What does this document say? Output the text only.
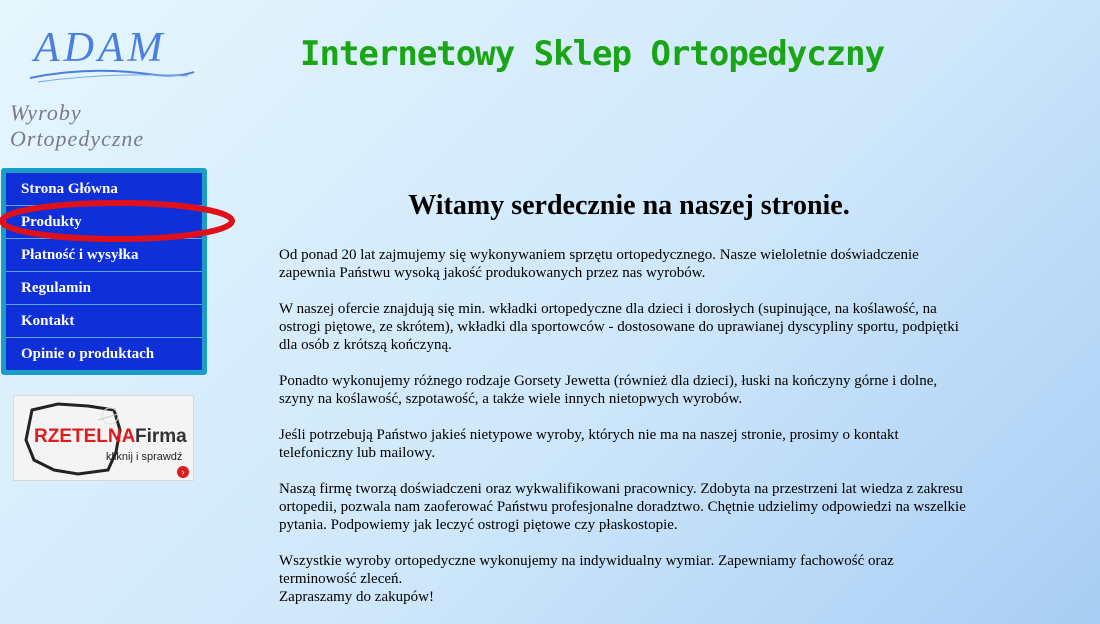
ADAM
Wyroby Ortopedyczne
Internetowy Sklep Ortopedyczny
Strona Główna
Produkty
Płatność i wysyłka
Regulamin
Kontakt
Opinie o produktach
RZETELNA Firma
kliknij i sprawdź
›
Witamy serdecznie na naszej stronie.

Od ponad 20 lat zajmujemy się wykonywaniem sprzętu ortopedycznego. Nasze wieloletnie doświadczenie zapewnia Państwu wysoką jakość produkowanych przez nas wyrobów.

W naszej ofercie znajdują się min. wkładki ortopedyczne dla dzieci i dorosłych (supinujące, na koślawość, na ostrogi piętowe, ze skrótem), wkładki dla sportowców - dostosowane do uprawianej dyscypliny sportu, podpiętki dla osób z krótszą kończyną.

Ponadto wykonujemy różnego rodzaje Gorsety Jewetta (również dla dzieci), łuski na kończyny górne i dolne, szyny na koślawość, szpotawość, a także wiele innych nietopwych wyrobów.

Jeśli potrzebują Państwo jakieś nietypowe wyroby, których nie ma na naszej stronie, prosimy o kontakt telefoniczny lub mailowy.

Naszą firmę tworzą doświadczeni oraz wykwalifikowani pracownicy. Zdobyta na przestrzeni lat wiedza z zakresu ortopedii, pozwala nam zaoferować Państwu profesjonalne doradztwo. Chętnie udzielimy odpowiedzi na wszelkie pytania. Podpowiemy jak leczyć ostrogi piętowe czy płaskostopie.

Wszystkie wyroby ortopedyczne wykonujemy na indywidualny wymiar. Zapewniamy fachowość oraz terminowość zleceń.
Zapraszamy do zakupów!
